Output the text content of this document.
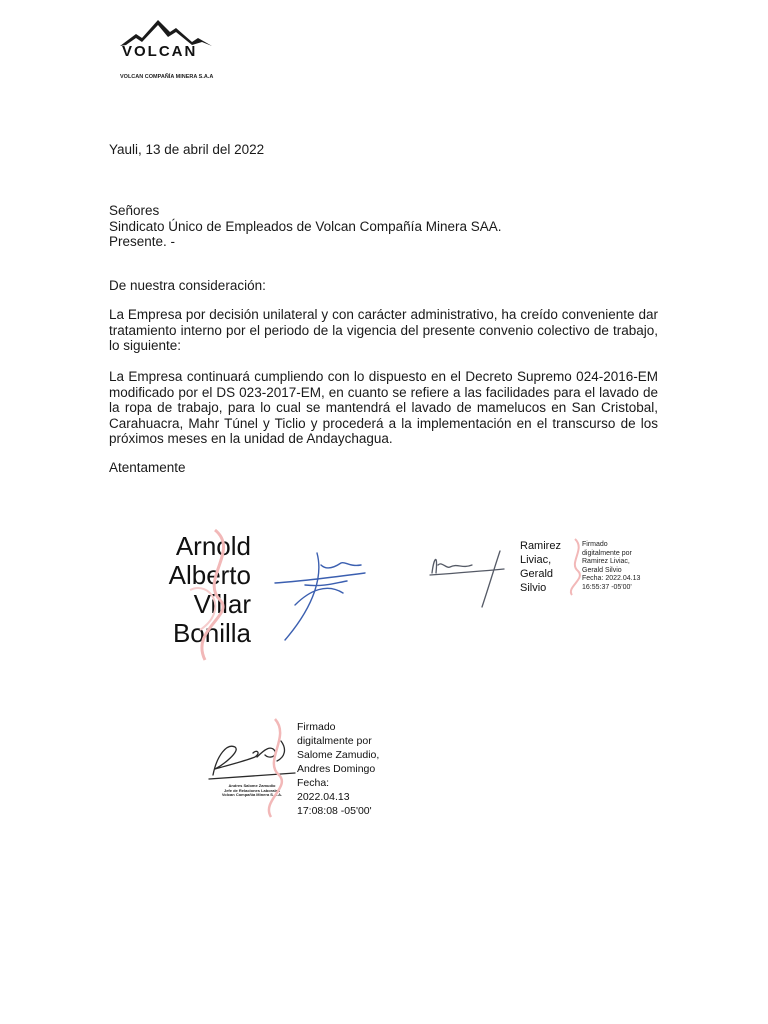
VOLCAN
VOLCAN COMPAÑÍA MINERA S.A.A
Yauli, 13 de abril del 2022
Señores
Sindicato Único de Empleados de Volcan Compañía Minera SAA.
Presente. -
De nuestra consideración:
La Empresa por decisión unilateral y con carácter administrativo, ha creído conveniente dar tratamiento interno por el periodo de la vigencia del presente convenio colectivo de trabajo, lo siguiente:
La Empresa continuará cumpliendo con lo dispuesto en el Decreto Supremo 024-2016-EM modificado por el DS 023-2017-EM, en cuanto se refiere a las facilidades para el lavado de la ropa de trabajo, para lo cual se mantendrá el lavado de mamelucos en San Cristobal, Carahuacra, Mahr Túnel y Ticlio y procederá a la implementación en el transcurso de los próximos meses en la unidad de Andaychagua.
Atentamente
Arnold
Alberto
Villar
Bonilla
Ramirez
Liviac,
Gerald
Silvio
Firmado
digitalmente por
Ramirez Liviac,
Gerald Silvio
Fecha: 2022.04.13
16:55:37 -05'00'
Andres Salome Zamudio
Jefe de Relaciones Laborales
Volcan Compañía Minera S.A.A.
Firmado
digitalmente por
Salome Zamudio,
Andres Domingo
Fecha:
2022.04.13
17:08:08 -05'00'
